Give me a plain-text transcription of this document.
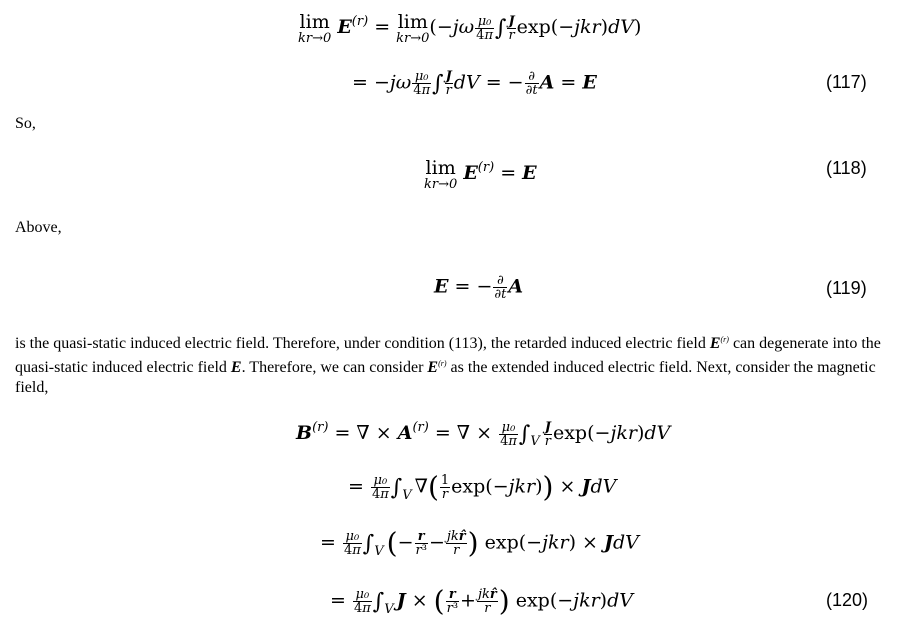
lim
kr→0 $E^{(r)} = \lim$
kr→0 ($-j\omega \frac{\text{μ₀}}{4\pi}$ ∫ $\frac{J}{r} \exp(-jkr)dV$)
= $-j\omega \frac{\text{μ₀}}{4\pi}$ ∫ $\frac{J}{r}$ dV = − $\frac{\partial}{\partial t}$ A = E	(117)
So,
lim
kr→0 $E^{(r)} = E$	(118)
Above,
E = − $\frac{\partial}{\partial t}$ A	(119)
is the quasi-static induced electric field. Therefore, under condition (113), the retarded induced electric field $E^{(r)}$ can degenerate into the
quasi-static induced electric field E. Therefore, we can consider $E^{(r)}$ as the extended induced electric field. Next, consider the magnetic
field,
$B^{(r)}$ = ∇ × $A^{(r)}$ = ∇ × $\frac{\text{μ₀}}{4\pi} \int_V \frac{J}{r} \exp(-jkr)dV$
= $\frac{\text{μ₀}}{4\pi} \int_V$ ∇( $\frac{1}{r} \exp(-jkr)$) × JdV
= $\frac{\text{μ₀}}{4\pi} \int_V$ (− $\frac{r}{\text{r³}} - \frac{\text{jkr̂}}{r}$ ) exp(−jkr) × JdV
= $\frac{\text{μ₀}}{4\pi} \int_V$ J × ( $\frac{r}{\text{r³}} + \frac{\text{jkr̂}}{r}$ ) exp(−jkr)dV	(120)
